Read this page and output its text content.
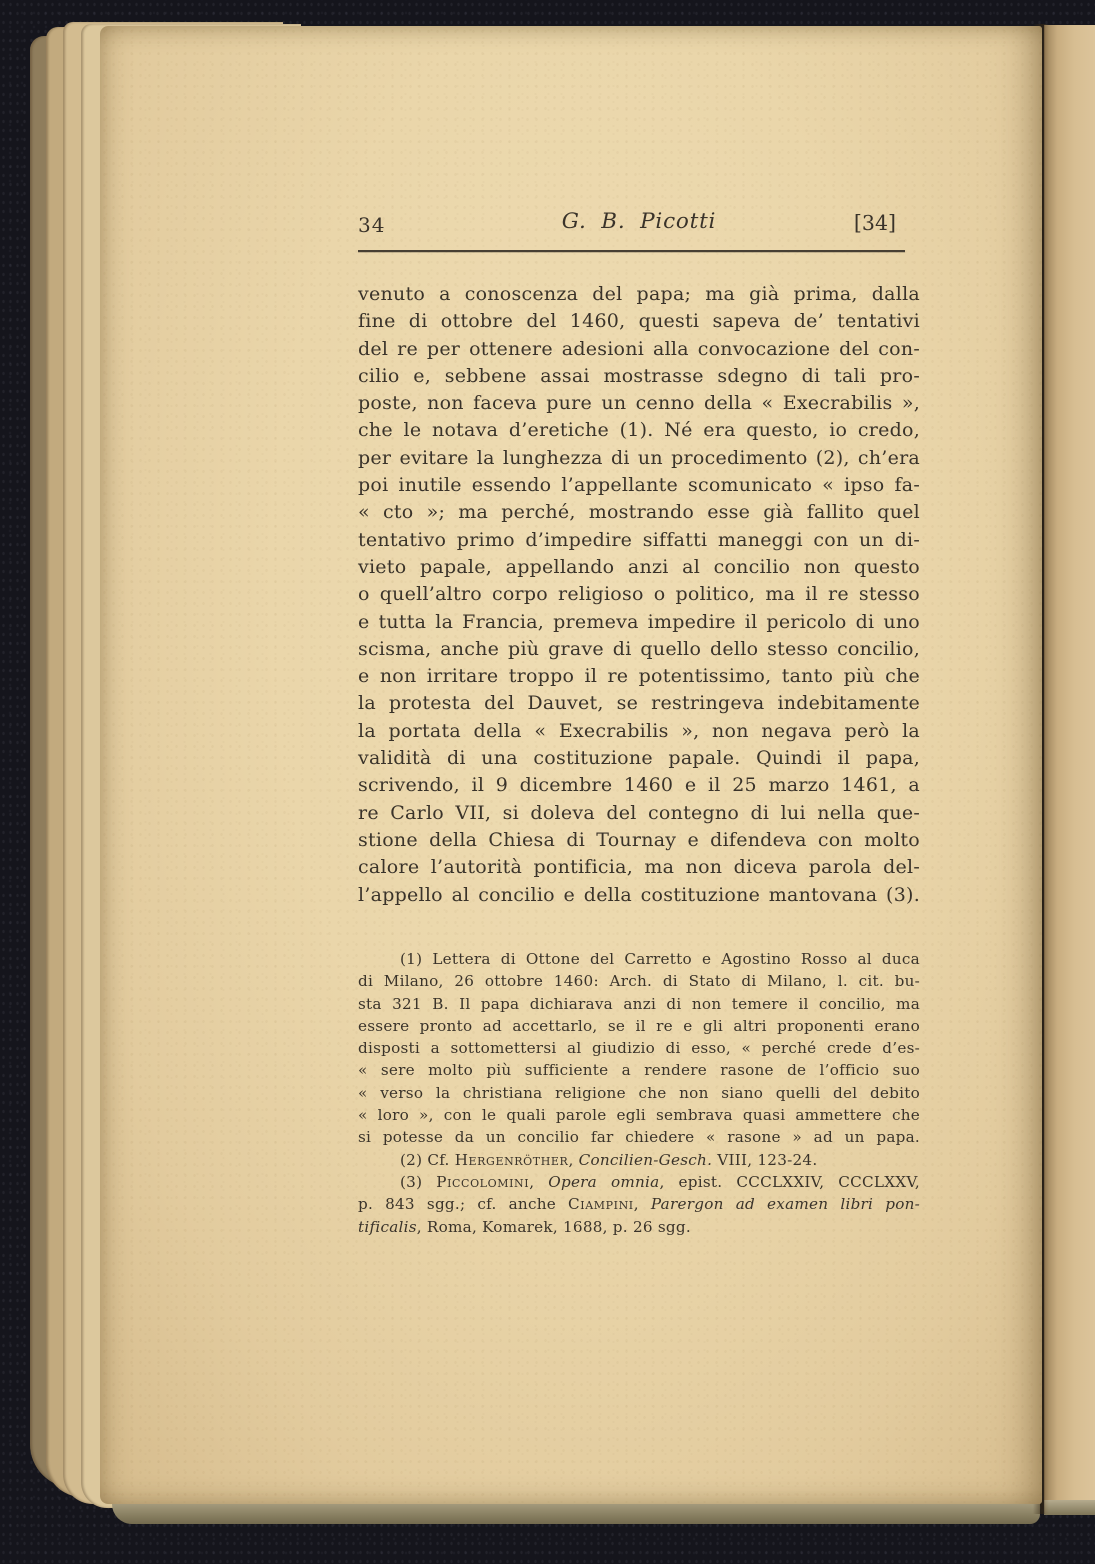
34	G. B. Picotti	[34]
venuto a conoscenza del papa; ma già prima, dalla
fine di ottobre del 1460, questi sapeva de’ tentativi
del re per ottenere adesioni alla convocazione del con-
cilio e, sebbene assai mostrasse sdegno di tali pro-
poste, non faceva pure un cenno della « Execrabilis »,
che le notava d’eretiche (1). Né era questo, io credo,
per evitare la lunghezza di un procedimento (2), ch’era
poi inutile essendo l’appellante scomunicato « ipso fa-
« cto »; ma perché, mostrando esse già fallito quel
tentativo primo d’impedire siffatti maneggi con un di-
vieto papale, appellando anzi al concilio non questo
o quell’altro corpo religioso o politico, ma il re stesso
e tutta la Francia, premeva impedire il pericolo di uno
scisma, anche più grave di quello dello stesso concilio,
e non irritare troppo il re potentissimo, tanto più che
la protesta del Dauvet, se restringeva indebitamente
la portata della « Execrabilis », non negava però la
validità di una costituzione papale. Quindi il papa,
scrivendo, il 9 dicembre 1460 e il 25 marzo 1461, a
re Carlo VII, si doleva del contegno di lui nella que-
stione della Chiesa di Tournay e difendeva con molto
calore l’autorità pontificia, ma non diceva parola del-
l’appello al concilio e della costituzione mantovana (3).
(1) Lettera di Ottone del Carretto e Agostino Rosso al duca
di Milano, 26 ottobre 1460: Arch. di Stato di Milano, l. cit. bu-
sta 321 B. Il papa dichiarava anzi di non temere il concilio, ma
essere pronto ad accettarlo, se il re e gli altri proponenti erano
disposti a sottomettersi al giudizio di esso, « perché crede d’es-
« sere molto più sufficiente a rendere rasone de l’officio suo
« verso la christiana religione che non siano quelli del debito
« loro », con le quali parole egli sembrava quasi ammettere che
si potesse da un concilio far chiedere « rasone » ad un papa.
(2) Cf. Hergenröther, Concilien-Gesch. VIII, 123-24.
(3) Piccolomini, Opera omnia, epist. CCCLXXIV, CCCLXXV,
p. 843 sgg.; cf. anche Ciampini, Parergon ad examen libri pon-
tificalis, Roma, Komarek, 1688, p. 26 sgg.
